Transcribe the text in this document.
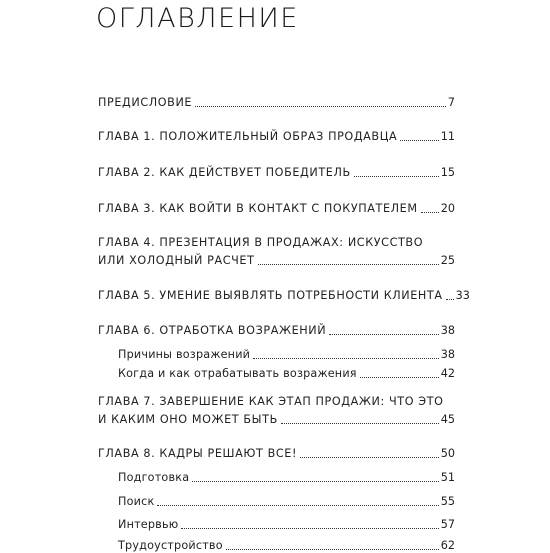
ОГЛАВЛЕНИЕ
ПРЕДИСЛОВИЕ	7
ГЛАВА 1. ПОЛОЖИТЕЛЬНЫЙ ОБРАЗ ПРОДАВЦА	11
ГЛАВА 2. КАК ДЕЙСТВУЕТ ПОБЕДИТЕЛЬ	15
ГЛАВА 3. КАК ВОЙТИ В КОНТАКТ С ПОКУПАТЕЛЕМ 20
ГЛАВА 4. ПРЕЗЕНТАЦИЯ В ПРОДАЖАХ: ИСКУССТВО
ИЛИ ХОЛОДНЫЙ РАСЧЕТ	25
ГЛАВА 5. УМЕНИЕ ВЫЯВЛЯТЬ ПОТРЕБНОСТИ КЛИЕНТА 33
ГЛАВА 6. ОТРАБОТКА ВОЗРАЖЕНИЙ	38
Причины возражений	38
Когда и как отрабатывать возражения	42
ГЛАВА 7. ЗАВЕРШЕНИЕ КАК ЭТАП ПРОДАЖИ: ЧТО ЭТО
И КАКИМ ОНО МОЖЕТ БЫТЬ	45
ГЛАВА 8. КАДРЫ РЕШАЮТ ВСЕ!	50
Подготовка	51
Поиск	55
Интервью	57
Трудоустройство	62
